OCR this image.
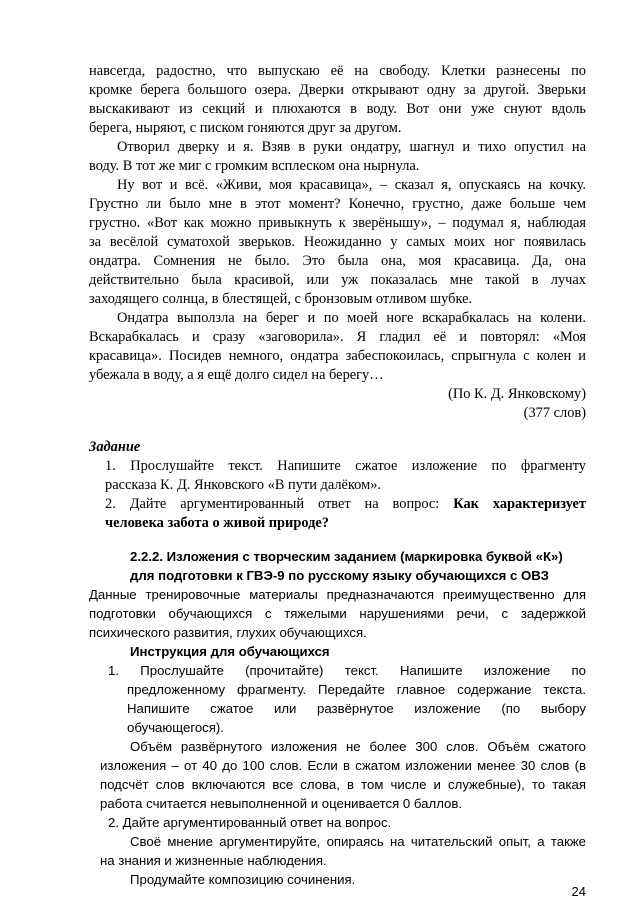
навсегда, радостно, что выпускаю её на свободу. Клетки разнесены по
кромке берега большого озера. Дверки открывают одну за другой. Зверьки
выскакивают из секций и плюхаются в воду. Вот они уже снуют вдоль
берега, ныряют, с писком гоняются друг за другом.
Отворил дверку и я. Взяв в руки ондатру, шагнул и тихо опустил на
воду. В тот же миг с громким всплеском она нырнула.
Ну вот и всё. «Живи, моя красавица», – сказал я, опускаясь на кочку.
Грустно ли было мне в этот момент? Конечно, грустно, даже больше чем
грустно. «Вот как можно привыкнуть к зверёнышу», – подумал я, наблюдая
за весёлой суматохой зверьков. Неожиданно у самых моих ног появилась
ондатра. Сомнения не было. Это была она, моя красавица. Да, она
действительно была красивой, или уж показалась мне такой в лучах
заходящего солнца, в блестящей, с бронзовым отливом шубке.
Ондатра выползла на берег и по моей ноге вскарабкалась на колени.
Вскарабкалась и сразу «заговорила». Я гладил её и повторял: «Моя
красавица». Посидев немного, ондатра забеспокоилась, спрыгнула с колен и
убежала в воду, а я ещё долго сидел на берегу…
(По К. Д. Янковскому)
(377 слов)
Задание
1. Прослушайте текст. Напишите сжатое изложение по фрагменту
рассказа К. Д. Янковского «В пути далёком».
2. Дайте аргументированный ответ на вопрос: Как характеризует
человека забота о живой природе?
2.2.2. Изложения с творческим заданием (маркировка буквой «К»)
для подготовки к ГВЭ-9 по русскому языку обучающихся с ОВЗ
Данные тренировочные материалы предназначаются преимущественно для
подготовки обучающихся с тяжелыми нарушениями речи, с задержкой
психического развития, глухих обучающихся.
Инструкция для обучающихся
1. Прослушайте (прочитайте) текст. Напишите изложение по
предложенному фрагменту. Передайте главное содержание текста.
Напишите сжатое или развёрнутое изложение (по выбору
обучающегося).
Объём развёрнутого изложения не более 300 слов. Объём сжатого
изложения – от 40 до 100 слов. Если в сжатом изложении менее 30 слов (в
подсчёт слов включаются все слова, в том числе и служебные), то такая
работа считается невыполненной и оценивается 0 баллов.
2. Дайте аргументированный ответ на вопрос.
Своё мнение аргументируйте, опираясь на читательский опыт, а также
на знания и жизненные наблюдения.
Продумайте композицию сочинения.
24
